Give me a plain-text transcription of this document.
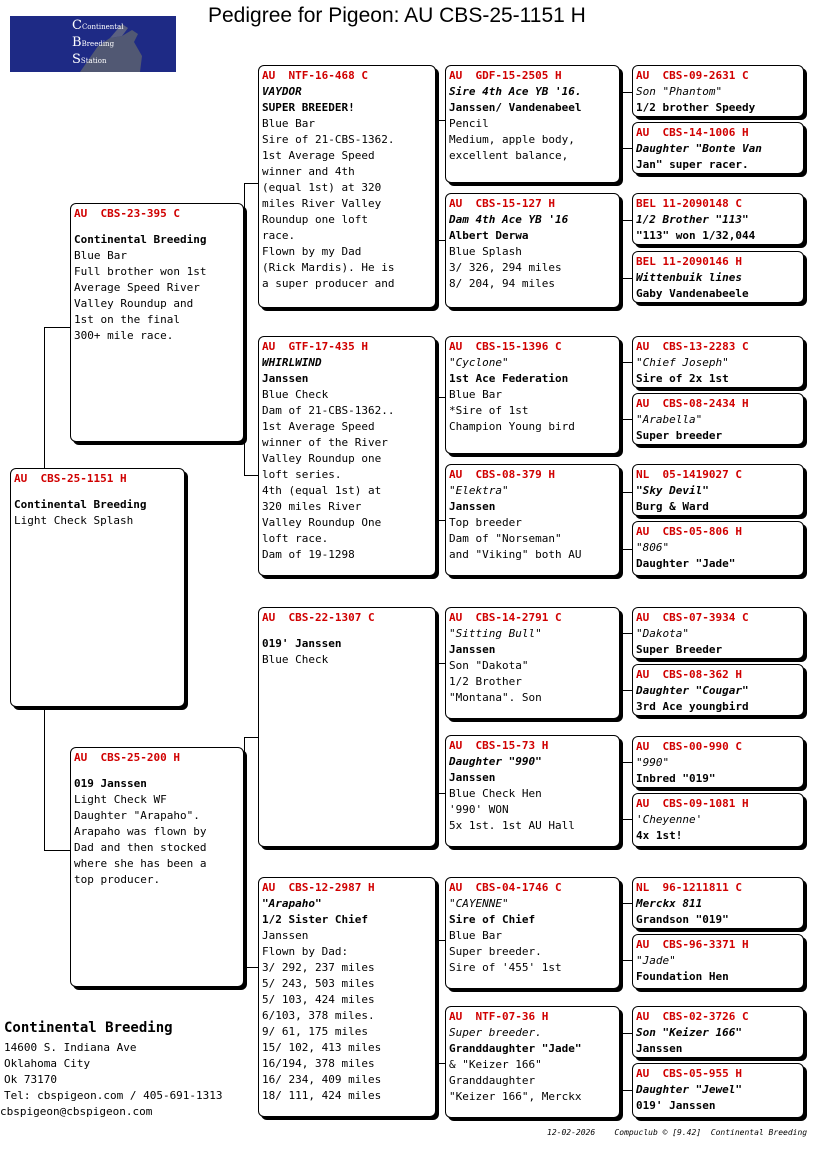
Pedigree for Pigeon: AU CBS-25-1151 H
CContinental
BBreeding
SStation
AU  CBS-25-1151 H
Continental Breeding
Light Check Splash
AU  CBS-23-395 C
Continental Breeding
Blue Bar
Full brother won 1st
Average Speed River
Valley Roundup and
1st on the final
300+ mile race.
AU  CBS-25-200 H
019 Janssen
Light Check WF
Daughter "Arapaho".
Arapaho was flown by
Dad and then stocked
where she has been a
top producer.
AU  NTF-16-468 C
VAYDOR
SUPER BREEDER!
Blue Bar
Sire of 21-CBS-1362.
1st Average Speed
winner and 4th
(equal 1st) at 320
miles River Valley
Roundup one loft
race.
Flown by my Dad
(Rick Mardis). He is
a super producer and
AU  GTF-17-435 H
WHIRLWIND
Janssen
Blue Check
Dam of 21-CBS-1362..
1st Average Speed
winner of the River
Valley Roundup one
loft series.
4th (equal 1st) at
320 miles River
Valley Roundup One
loft race.
Dam of 19-1298
AU  CBS-22-1307 C
019' Janssen
Blue Check
AU  CBS-12-2987 H
"Arapaho"
1/2 Sister Chief
Janssen
Flown by Dad:
3/ 292, 237 miles
5/ 243, 503 miles
5/ 103, 424 miles
6/103, 378 miles.
9/ 61, 175 miles
15/ 102, 413 miles
16/194, 378 miles
16/ 234, 409 miles
18/ 111, 424 miles
AU  GDF-15-2505 H
Sire 4th Ace YB '16.
Janssen/ Vandenabeel
Pencil
Medium, apple body,
excellent balance,
AU  CBS-15-127 H
Dam 4th Ace YB '16
Albert Derwa
Blue Splash
3/ 326, 294 miles
8/ 204, 94 miles
AU  CBS-15-1396 C
"Cyclone"
1st Ace Federation
Blue Bar
*Sire of 1st
Champion Young bird
AU  CBS-08-379 H
"Elektra"
Janssen
Top breeder
Dam of "Norseman"
and "Viking" both AU
AU  CBS-14-2791 C
"Sitting Bull"
Janssen
Son "Dakota"
1/2 Brother
"Montana". Son
AU  CBS-15-73 H
Daughter "990"
Janssen
Blue Check Hen
'990' WON
5x 1st. 1st AU Hall
AU  CBS-04-1746 C
"CAYENNE"
Sire of Chief
Blue Bar
Super breeder.
Sire of '455' 1st
AU  NTF-07-36 H
Super breeder.
Granddaughter "Jade"
& "Keizer 166"
Granddaughter
"Keizer 166", Merckx
AU  CBS-09-2631 C
Son "Phantom"
1/2 brother Speedy
AU  CBS-14-1006 H
Daughter "Bonte Van
Jan" super racer.
BEL 11-2090148 C
1/2 Brother "113"
"113" won 1/32,044
BEL 11-2090146 H
Wittenbuik lines
Gaby Vandenabeele
AU  CBS-13-2283 C
"Chief Joseph"
Sire of 2x 1st
AU  CBS-08-2434 H
"Arabella"
Super breeder
NL  05-1419027 C
"Sky Devil"
Burg & Ward
AU  CBS-05-806 H
"806"
Daughter "Jade"
AU  CBS-07-3934 C
"Dakota"
Super Breeder
AU  CBS-08-362 H
Daughter "Cougar"
3rd Ace youngbird
AU  CBS-00-990 C
"990"
Inbred "019"
AU  CBS-09-1081 H
'Cheyenne'
4x 1st!
NL  96-1211811 C
Merckx 811
Grandson "019"
AU  CBS-96-3371 H
"Jade"
Foundation Hen
AU  CBS-02-3726 C
Son "Keizer 166"
Janssen
AU  CBS-05-955 H
Daughter "Jewel"
019' Janssen
Continental Breeding
14600 S. Indiana Ave
Oklahoma City
Ok 73170
Tel: cbspigeon.com / 405-691-1313
cbspigeon@cbspigeon.com
12-02-2026    Compuclub © [9.42]  Continental Breeding
